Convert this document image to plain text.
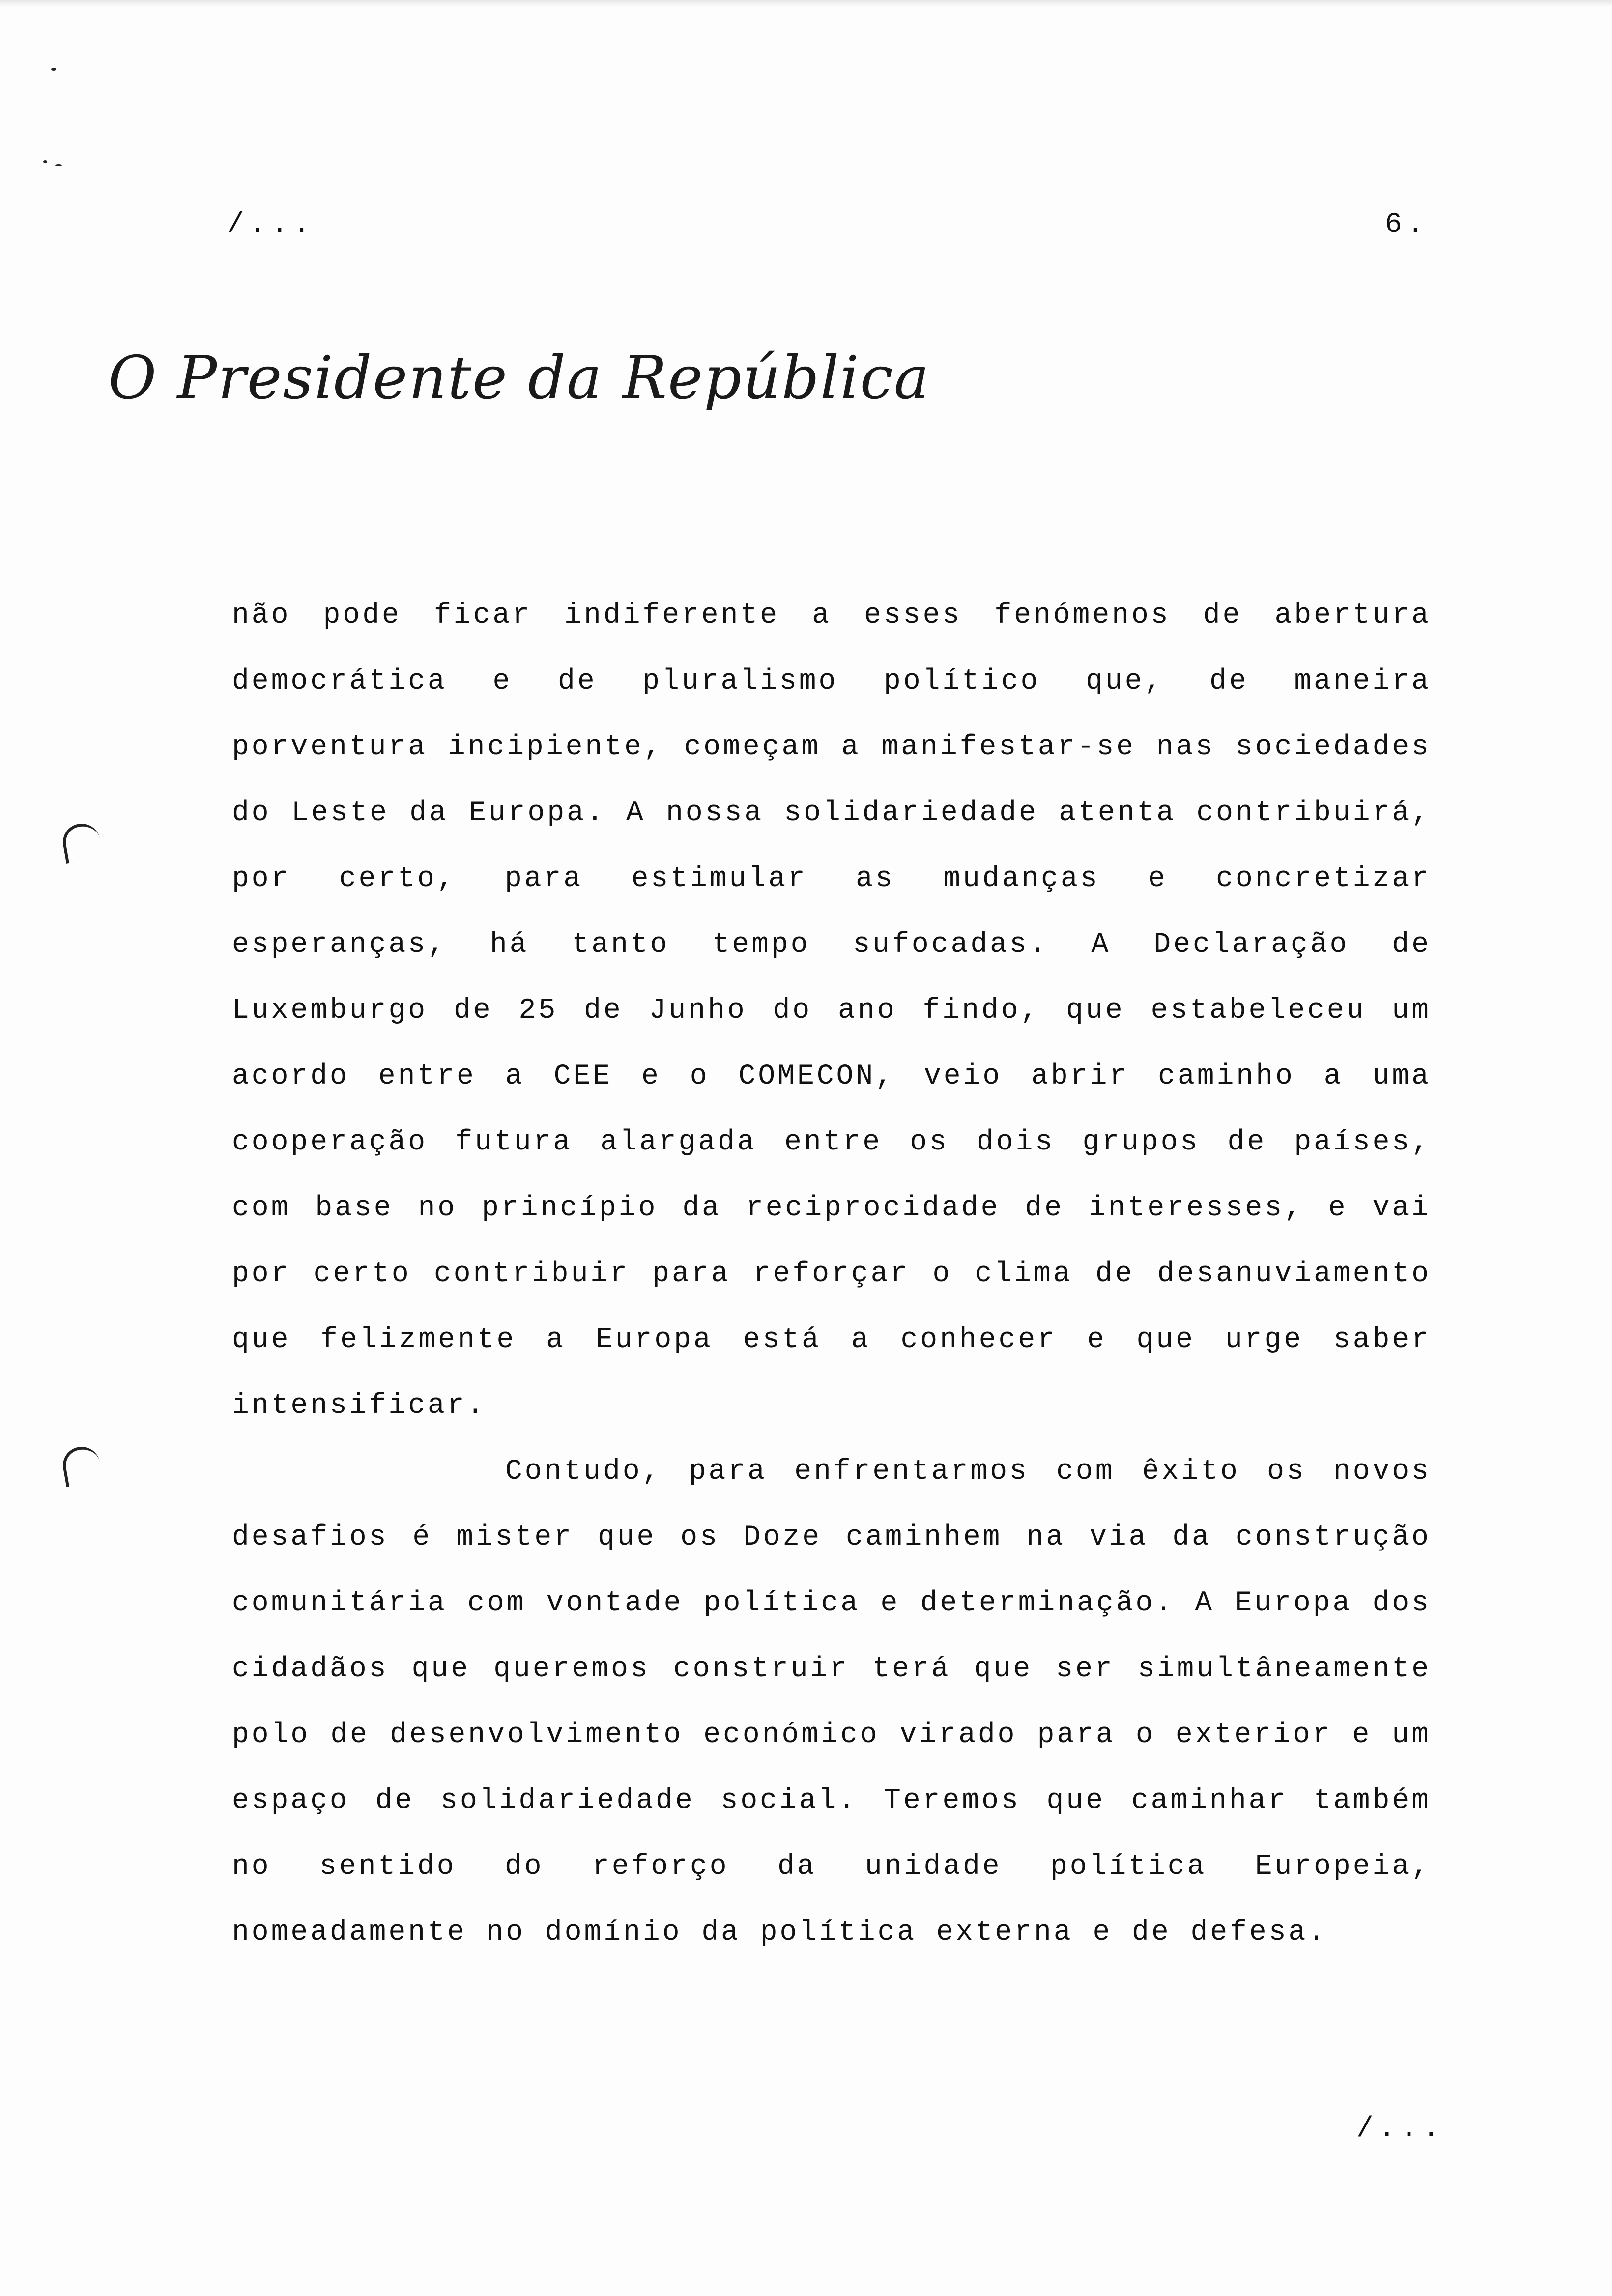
/...	6.
O Presidente da República

não pode ficar indiferente a esses fenómenos de abertura democrática e de pluralismo político que, de maneira porventura incipiente, começam a manifestar-se nas sociedades do Leste da Europa. A nossa solidariedade atenta contribuirá, por certo, para estimular as mudanças e concretizar esperanças, há tanto tempo sufocadas. A Declaração de Luxemburgo de 25 de Junho do ano findo, que estabeleceu um acordo entre a CEE e o COMECON, veio abrir caminho a uma cooperação futura alargada entre os dois grupos de países, com base no princípio da reciprocidade de interesses, e vai por certo contribuir para reforçar o clima de desanuviamento que felizmente a Europa está a conhecer e que urge saber intensificar.

Contudo, para enfrentarmos com êxito os novos desafios é mister que os Doze caminhem na via da construção comunitária com vontade política e determinação. A Europa dos cidadãos que queremos construir terá que ser simultâneamente polo de desenvolvimento económico virado para o exterior e um espaço de solidariedade social. Teremos que caminhar também no sentido do reforço da unidade política Europeia, nomeadamente no domínio da política externa e de defesa.

/...
